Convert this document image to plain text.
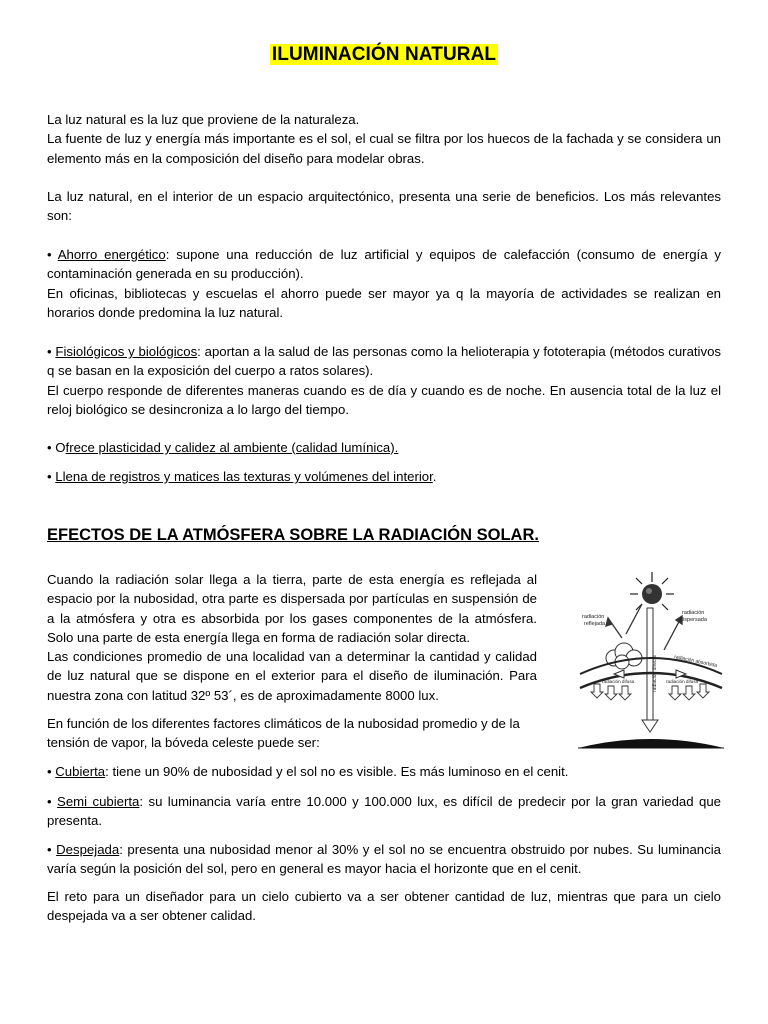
ILUMINACIÓN NATURAL

La luz natural es la luz que proviene de la naturaleza.

La fuente de luz y energía más importante es el sol, el cual se filtra por los huecos de la fachada y se considera un elemento más en la composición del diseño para modelar obras.

La luz natural, en el interior de un espacio arquitectónico, presenta una serie de beneficios. Los más relevantes son:

• Ahorro energético: supone una reducción de luz artificial y equipos de calefacción (consumo de energía y contaminación generada en su producción).

En oficinas, bibliotecas y escuelas el ahorro puede ser mayor ya q la mayoría de actividades se realizan en horarios donde predomina la luz natural.

• Fisiológicos y biológicos: aportan a la salud de las personas como la helioterapia y fototerapia (métodos curativos q se basan en la exposición del cuerpo a ratos solares).

El cuerpo responde de diferentes maneras cuando es de día y cuando es de noche. En ausencia total de la luz el reloj biológico se desincroniza a lo largo del tiempo.

• Ofrece plasticidad y calidez al ambiente (calidad lumínica).

• Llena de registros y matices las texturas y volúmenes del interior.

EFECTOS DE LA ATMÓSFERA SOBRE LA RADIACIÓN SOLAR.

Cuando la radiación solar llega a la tierra, parte de esta energía es reflejada al espacio por la nubosidad, otra parte es dispersada por partículas en suspensión de a la atmósfera y otra es absorbida por los gases componentes de la atmósfera. Solo una parte de esta energía llega en forma de radiación solar directa.

Las condiciones promedio de una localidad van a determinar la cantidad y calidad de luz natural que se dispone en el exterior para el diseño de iluminación. Para nuestra zona con latitud 32º 53´, es de aproximadamente 8000 lux.

En función de los diferentes factores climáticos de la nubosidad promedio y de la tensión de vapor, la bóveda celeste puede ser:
radiación
reflejada
radiación
dispersada
radiación directa	radiación absorbida
radiación difusa	radiación difusa

• Cubierta: tiene un 90% de nubosidad y el sol no es visible. Es más luminoso en el cenit.

• Semi cubierta: su luminancia varía entre 10.000 y 100.000 lux, es difícil de predecir por la gran variedad que presenta.

• Despejada: presenta una nubosidad menor al 30% y el sol no se encuentra obstruido por nubes. Su luminancia varía según la posición del sol, pero en general es mayor hacia el horizonte que en el cenit.

El reto para un diseñador para un cielo cubierto va a ser obtener cantidad de luz, mientras que para un cielo despejada va a ser obtener calidad.
